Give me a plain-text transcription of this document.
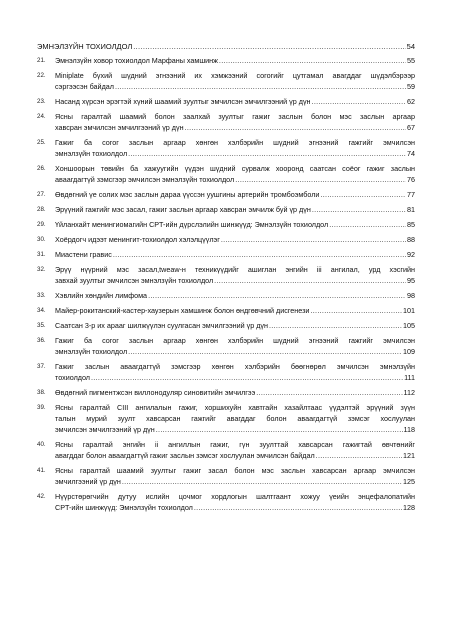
ЭМНЭЛЗҮЙН ТОХИОЛДОЛ .....	54
21.	Эмнэлзүйн ховор тохиолдол Марфаны хамшинж .....	55
22.	Miniplate бүхий шүдний эгнээний их хэмжээний согогийг цутгамал авагддаг шүдэлбэрээр
сэргээсэн байдал .....	59
23.	Насанд хүрсэн эрэгтэй хүний шаамий зуултыг эмчилсэн эмчилгээний үр дүн .....	62
24.	Ясны гаралтай шаамий болон заалхай зуултыг гажиг заслын болон мэс заслын аргаар
хавсран эмчилсэн эмчилгээний үр дүн .....	67
25.	Гажиг ба согог заслын аргаар хөнгөн хэлбэрийн шүдний эгнээний гажгийг эмчилсэн
эмнэлзүйн тохиолдол .....	74
26.	Хоншоорын төвийн ба хажуугийн үүдэн шүдний сурвалж хооронд саатсан соёог гажиг заслын
аваагдагтүй зэмсгээр эмчилсэн эмнэлзүйн тохиолдол .....	76
27.	Өвдөгний үе солих мэс заслын дараа үүссэн уушгины артерийн тромбоэмболи .....	77
28.	Эрүүний гажгийг мэс засал, гажиг заслын аргаар хавсран эмчилж буй үр дүн .....	81
29.	Үйланхайт менингиомагийн CPT-ийн дүрслэлийн шинжүүд: Эмнэлзүйн тохиолдол .....	85
30.	Хоёрдогч идээт менингит-тохиолдол хэлэлцүүлэг .....	88
31.	Миастени гравис .....	92
32.	Эрүү нүүрний мэс засал,tweaw-н техникүүдийг ашиглан энгийн iii ангилал, урд хэсгийн
завхай зуултыг эмчилсэн эмнэлзүйн тохиолдол .....	95
33.	Хэвлийн хөндийн лимфома .....	98
34.	Майер-рокитанский-кастер-хаузерын хамшинж болон өндгөвчний дисгенези .....	101
35.	Саатсан 3-р их арааг шилжүүлэн суулгасан эмчилгээний үр дүн .....	105
36.	Гажиг ба согог заслын аргаар хөнгөн хэлбэрийн шүдний эгнээний гажгийг эмчилсэн
эмнэлзүйн тохиолдол .....	109
37.	Гажиг заслын аваагдагтүй зэмсгээр хөнгөн хэлбэрийн бөөгнөрөл эмчилсэн эмнэлзүйн
тохиолдол .....	111
38.	Өвдөгний пигментжсэн виллонодуляр синовитийн эмчилгээ .....	112
39.	Ясны гаралтай CIII ангилалын гажиг, хоршихуйн хавтгайн хазайлтаас үүдэлтэй эрүүний зүүн
талын мурий зуулт хавсарсан гажгийг авагддаг болон аваагдагтүй зэмсэг хослуулан
эмчилсэн эмчилгээний үр дүн .....	118
40.	Ясны гаралтай энгийн ii ангиллын гажиг, гүн зуулттай хавсарсан гажигтай өвчтөнийг
авагддаг болон аваагдагтүй гажиг заслын зэмсэг хослуулан эмчилсэн байдал .....	121
41.	Ясны гаралтай шаамий зуултыг гажиг засал болон мэс заслын хавсарсан аргаар эмчилсэн
эмчилгээний үр дүн .....	125
42.	Нүүрстөрөгчийн дутуу ислийн цочмог хордлогын шалтгаант хожуу үеийн энцефалопатийн
CPT-ийн шинжүүд: Эмнэлзүйн тохиолдол .....	128
